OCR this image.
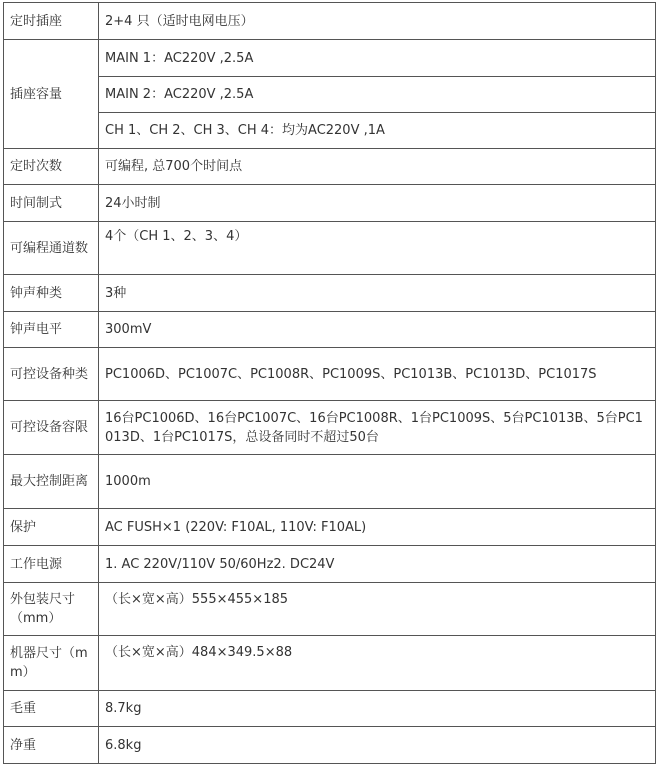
定时插座	2+4 只（适时电网电压）
插座容量	MAIN 1：AC220V ,2.5A
	MAIN 2：AC220V ,2.5A
	CH 1、CH 2、CH 3、CH 4：均为AC220V ,1A
定时次数	可编程, 总700个时间点
时间制式	24小时制
可编程通道数	4个（CH 1、2、3、4）
钟声种类	3种
钟声电平	300mV
可控设备种类	PC1006D、PC1007C、PC1008R、PC1009S、PC1013B、PC1013D、PC1017S
可控设备容限	16台PC1006D、16台PC1007C、16台PC1008R、1台PC1009S、5台PC1013B、5台PC1013D、1台PC1017S，总设备同时不超过50台
最大控制距离	1000m
保护	AC FUSH×1 (220V: F10AL, 110V: F10AL)
工作电源	1. AC 220V/110V 50/60Hz2. DC24V
外包装尺寸（mm）	（长×宽×高）555×455×185
机器尺寸（mm）	（长×宽×高）484×349.5×88
毛重	8.7kg
净重	6.8kg
